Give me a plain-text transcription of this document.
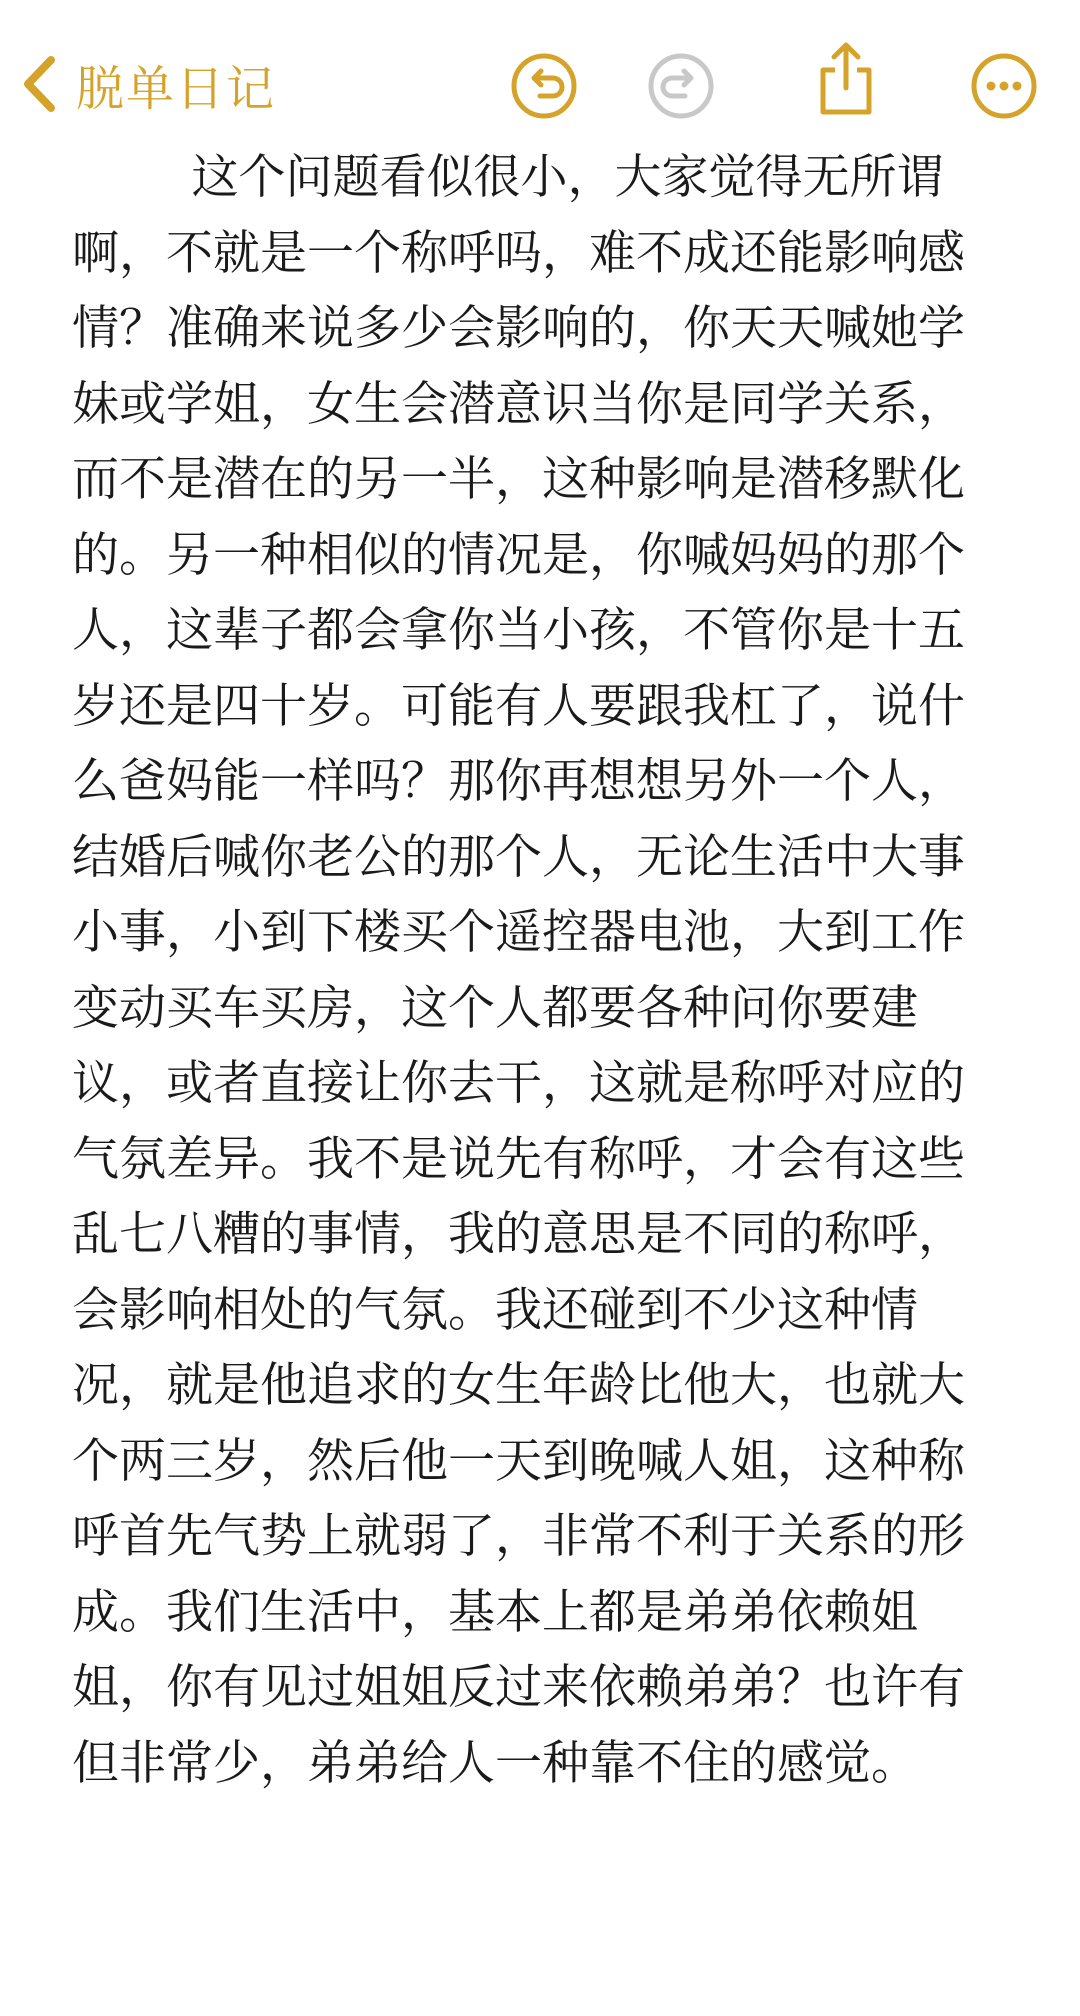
脱单日记
这个问题看似很小，大家觉得无所谓啊，不就是一个称呼吗，难不成还能影响感情？准确来说多少会影响的，你天天喊她学妹或学姐，女生会潜意识当你是同学关系，而不是潜在的另一半，这种影响是潜移默化的。另一种相似的情况是，你喊妈妈的那个人，这辈子都会拿你当小孩，不管你是十五岁还是四十岁。可能有人要跟我杠了，说什么爸妈能一样吗？那你再想想另外一个人，结婚后喊你老公的那个人，无论生活中大事小事，小到下楼买个遥控器电池，大到工作变动买车买房，这个人都要各种问你要建议，或者直接让你去干，这就是称呼对应的气氛差异。我不是说先有称呼，才会有这些乱七八糟的事情，我的意思是不同的称呼，会影响相处的气氛。我还碰到不少这种情况，就是他追求的女生年龄比他大，也就大个两三岁，然后他一天到晚喊人姐，这种称呼首先气势上就弱了，非常不利于关系的形成。我们生活中，基本上都是弟弟依赖姐姐，你有见过姐姐反过来依赖弟弟？也许有但非常少，弟弟给人一种靠不住的感觉。
